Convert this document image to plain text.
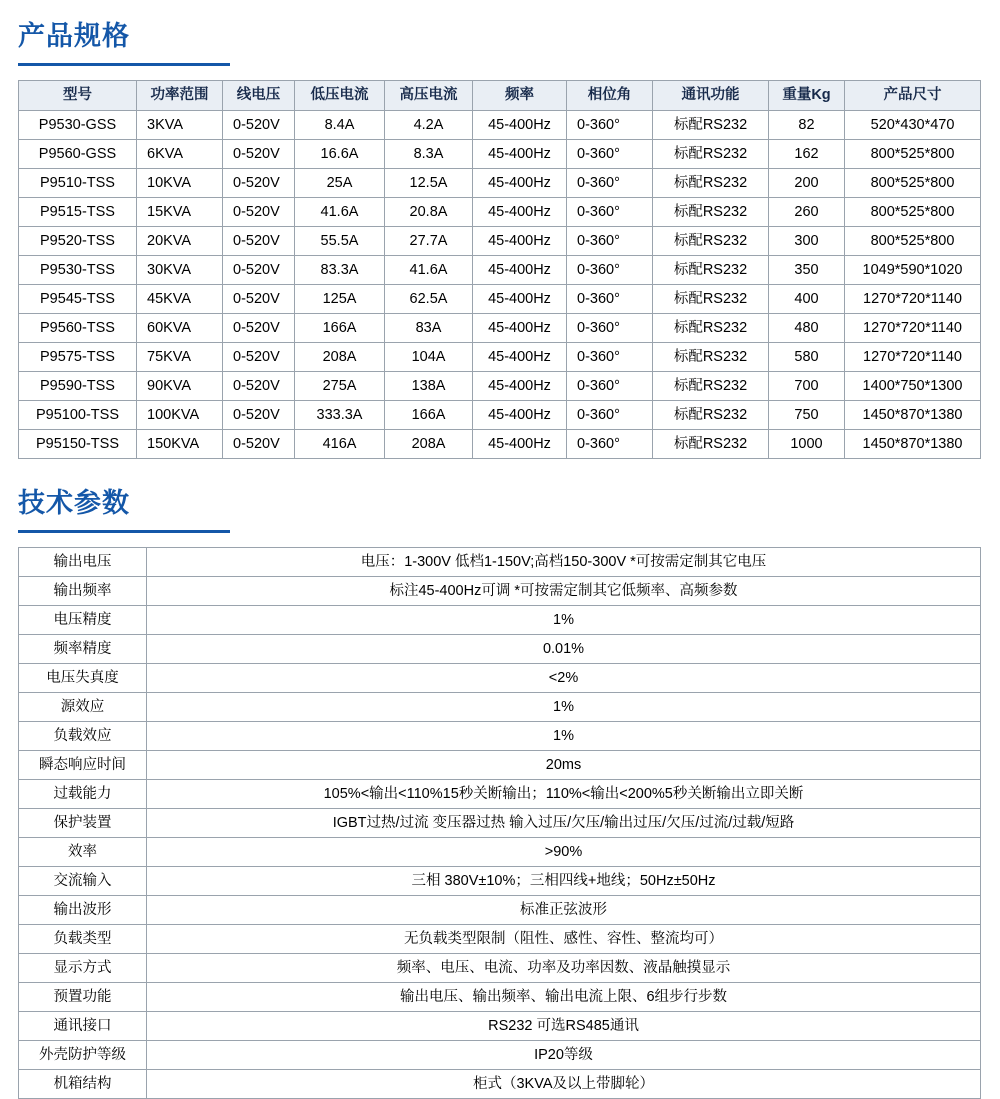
产品规格
型号	功率范围	线电压	低压电流	高压电流	频率	相位角	通讯功能	重量Kg	产品尺寸
P9530-GSS	3KVA	0-520V	8.4A	4.2A	45-400Hz	0-360°	标配RS232	82	520*430*470
P9560-GSS	6KVA	0-520V	16.6A	8.3A	45-400Hz	0-360°	标配RS232	162	800*525*800
P9510-TSS	10KVA	0-520V	25A	12.5A	45-400Hz	0-360°	标配RS232	200	800*525*800
P9515-TSS	15KVA	0-520V	41.6A	20.8A	45-400Hz	0-360°	标配RS232	260	800*525*800
P9520-TSS	20KVA	0-520V	55.5A	27.7A	45-400Hz	0-360°	标配RS232	300	800*525*800
P9530-TSS	30KVA	0-520V	83.3A	41.6A	45-400Hz	0-360°	标配RS232	350	1049*590*1020
P9545-TSS	45KVA	0-520V	125A	62.5A	45-400Hz	0-360°	标配RS232	400	1270*720*1140
P9560-TSS	60KVA	0-520V	166A	83A	45-400Hz	0-360°	标配RS232	480	1270*720*1140
P9575-TSS	75KVA	0-520V	208A	104A	45-400Hz	0-360°	标配RS232	580	1270*720*1140
P9590-TSS	90KVA	0-520V	275A	138A	45-400Hz	0-360°	标配RS232	700	1400*750*1300
P95100-TSS	100KVA	0-520V	333.3A	166A	45-400Hz	0-360°	标配RS232	750	1450*870*1380
P95150-TSS	150KVA	0-520V	416A	208A	45-400Hz	0-360°	标配RS232	1000	1450*870*1380
技术参数
输出电压	电压：1-300V 低档1-150V;高档150-300V *可按需定制其它电压
输出频率	标注45-400Hz可调 *可按需定制其它低频率、高频参数
电压精度	1%
频率精度	0.01%
电压失真度	<2%
源效应	1%
负载效应	1%
瞬态响应时间	20ms
过载能力	105%<输出<110%15秒关断输出；110%<输出<200%5秒关断输出立即关断
保护装置	IGBT过热/过流 变压器过热 输入过压/欠压/输出过压/欠压/过流/过载/短路
效率	>90%
交流输入	三相 380V±10%；三相四线+地线；50Hz±50Hz
输出波形	标准正弦波形
负载类型	无负载类型限制（阻性、感性、容性、整流均可）
显示方式	频率、电压、电流、功率及功率因数、液晶触摸显示
预置功能	输出电压、输出频率、输出电流上限、6组步行步数
通讯接口	RS232 可选RS485通讯
外壳防护等级	IP20等级
机箱结构	柜式（3KVA及以上带脚轮）
